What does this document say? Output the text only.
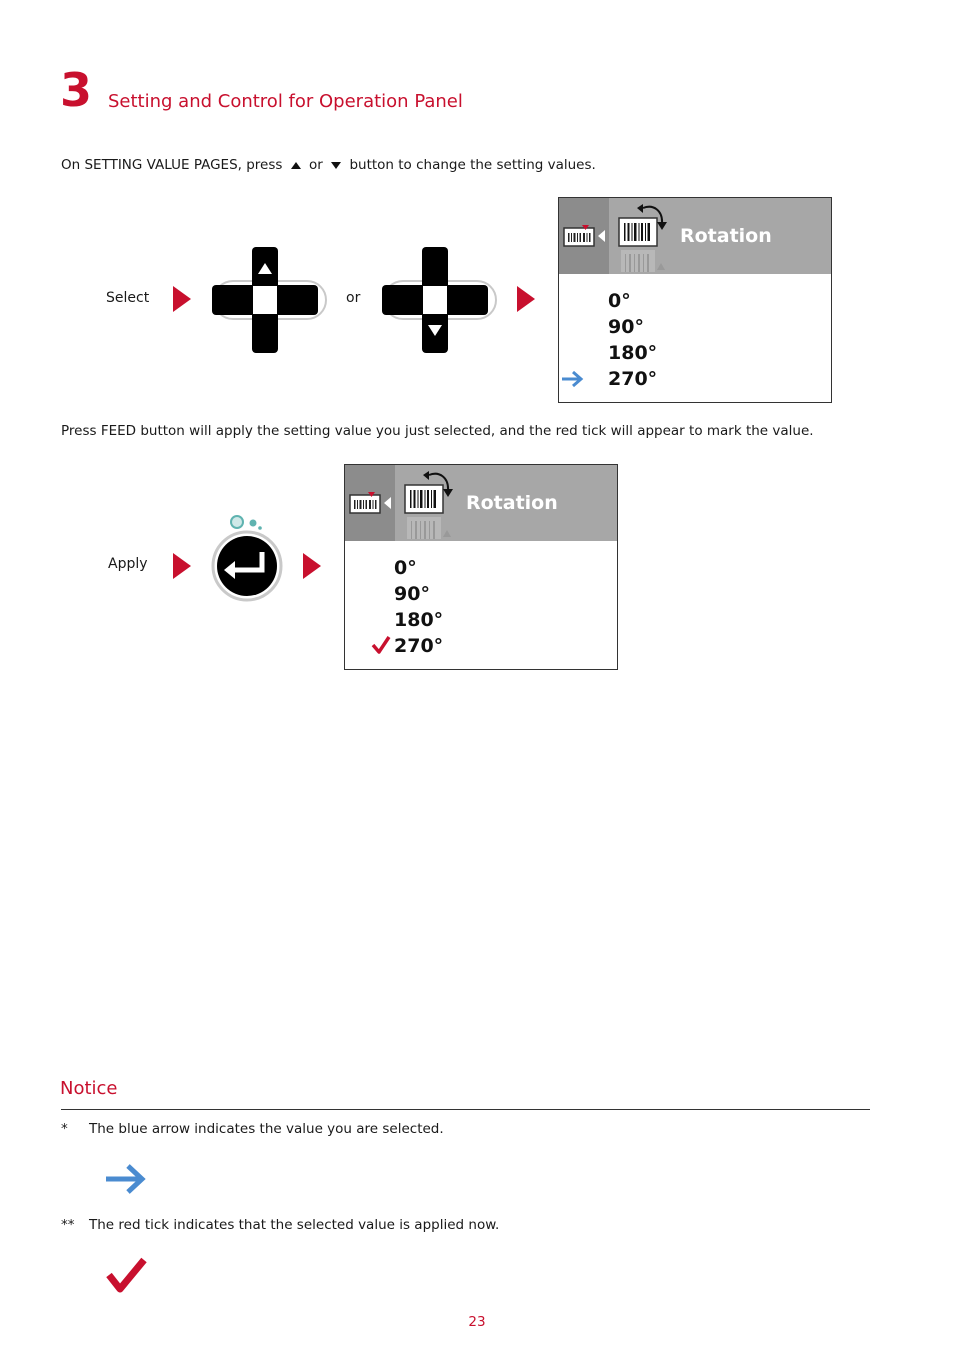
3 Setting and Control for Operation Panel
On SETTING VALUE PAGES, press or button to change the setting values.
Select	or
Rotation
0°
90°
180°
270°
Press FEED button will apply the setting value you just selected, and the red tick will appear to mark the value.
Apply
Rotation
0°
90°
180°
270°
Notice
* The blue arrow indicates the value you are selected.
** The red tick indicates that the selected value is applied now.
23
